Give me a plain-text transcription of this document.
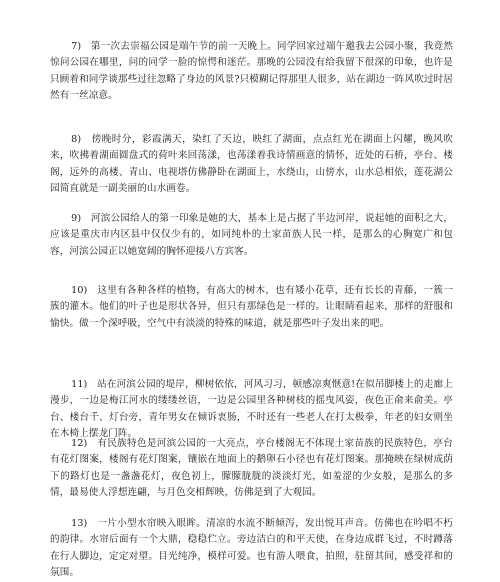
7) 第一次去崇福公园是端午节的前一天晚上。同学回家过端午邀我去公园小聚，我竟然惊问公园在哪里，问的同学一脸的惊愕和迷茫。那晚的公园没有给我留下很深的印象，也许是只顾着和同学谈那些过往忽略了身边的风景?只模糊记得那里人很多，站在湖边一阵风吹过时居然有一丝凉意。

8) 傍晚时分，彩霞满天，染红了天边，映红了湖面，点点红光在湖面上闪耀，晚风吹来，吹拂着湖面圆盘式的荷叶来回荡漾，也荡漾着我诗情画意的情怀，近处的石桥，亭台、楼阁，远外的高楼、青山、电视塔仿佛静卧在湖面上，水绕山，山傍水，山水总相依，莲花湖公园简直就是一副美丽的山水画卷。

9) 河滨公园给人的第一印象是她的大，基本上是占据了半边河岸，说起她的面积之大，应该是重庆市内区县中仅仅少有的，如同纯朴的土家苗族人民一样，是那么的心胸宽广和包容，河滨公园正以她宽阔的胸怀迎接八方宾客。

10) 这里有各种各样的植物，有高大的树木，也有矮小花草，还有长长的青藤，一簇一簇的灌木。他们的叶子也是形状各异，但只有那绿色是一样的。让眼睛看起来，那样的舒服和愉快。做一个深呼吸，空气中有淡淡的特殊的味道，就是那些叶子发出来的吧。

11) 站在河滨公园的堤岸，柳树依依，河风习习，顿感凉爽惬意!在似吊脚楼上的走廊上漫步，一边是梅江河水的缕缕丝语，一边是公园里各种树枝的摇曳风姿，夜色正俞来俞美。亭台、楼台千、灯台旁，青年男女在倾诉衷肠，不时还有一些老人在打太极拳，年老的妇女则坐在木椅上摆龙门阵。

12) 有民族特色是河滨公园的一大亮点，亭台楼阁无不体现土家苗族的民族特色，亭台有花灯图案，楼阁有花灯图案，镶嵌在地面上的鹅卵石小径也有花灯图案。那掩映在绿树成荫下的路灯也是一盏盏花灯，夜色初上，朦朦胧胧的淡淡灯光，如羞涩的少女般，是那么的多情，最易使人浮想连翩，与月色交相辉映，仿佛是到了大观园。

13) 一片小型水帘映入眼眸。清凉的水流不断倾泻，发出悦耳声音。仿佛也在吟唱不朽的韵律。水帘后面有一个大鼎，稳稳伫立。旁边洁白的和平天使，在身边成群飞过，不时蹲落在行人脚边，定定对望。目光纯净，模样可爱。也有游人喂食，拍照，驻留其间，感受祥和的氛围。
